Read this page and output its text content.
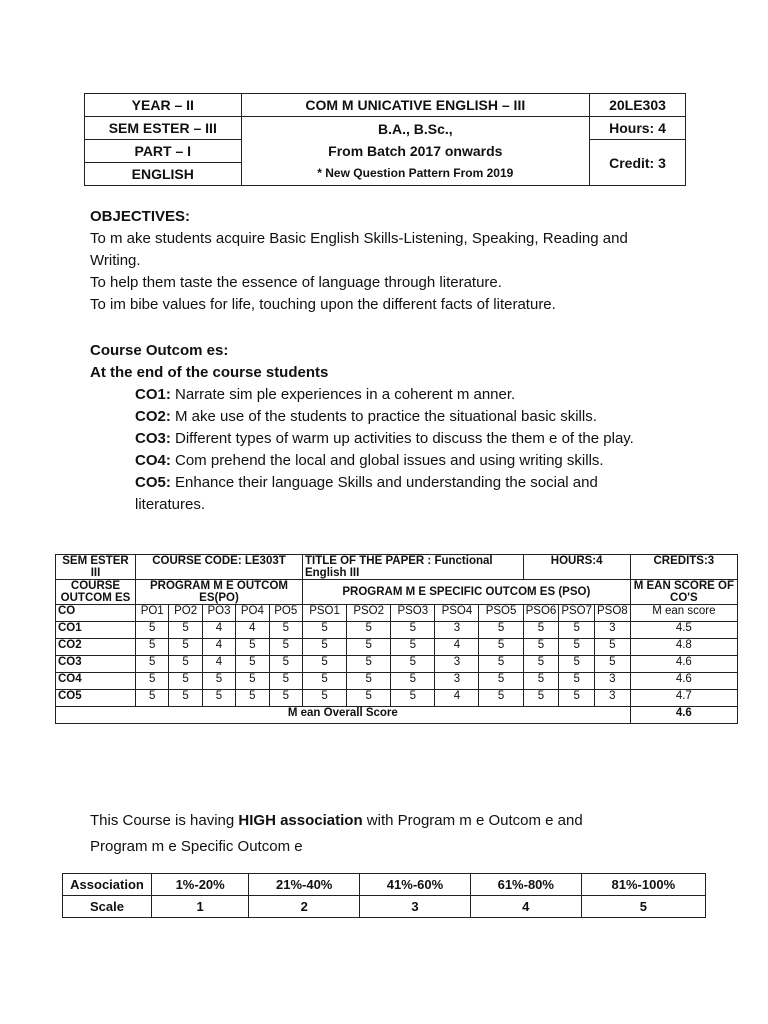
YEAR – II	COM M UNICATIVE ENGLISH – III	20LE303
SEM ESTER – III	B.A., B.Sc.,
From Batch 2017 onwards
* New Question Pattern From 2019	Hours: 4
PART – I		Credit: 3
ENGLISH		
OBJECTIVES:
To m ake students acquire Basic English Skills-Listening, Speaking, Reading and
Writing.
To help them taste the essence of language through literature.
To im bibe values for life, touching upon the different facts of literature.
Course Outcom es:
At the end of the course students
CO1: Narrate sim ple experiences in a coherent m anner.
CO2: M ake use of the students to practice the situational basic skills.
CO3: Different types of warm up activities to discuss the them e of the play.
CO4: Com prehend the local and global issues and using writing skills.
CO5: Enhance their language Skills and understanding the social and literatures.
SEM ESTER III	COURSE CODE: LE303T					TITLE OF THE PAPER : Functional English III					HOURS:4			CREDITS:3
COURSE OUTCOM ES	PROGRAM M E OUTCOM ES(PO)					PROGRAM M E SPECIFIC OUTCOM ES (PSO)								M EAN SCORE OF CO'S
CO	PO1	PO2	PO3	PO4	PO5	PSO1	PSO2	PSO3	PSO4	PSO5	PSO6	PSO7	PSO8	M ean score
CO1	5	5	4	4	5	5	5	5	3	5	5	5	3	4.5
CO2	5	5	4	5	5	5	5	5	4	5	5	5	5	4.8
CO3	5	5	4	5	5	5	5	5	3	5	5	5	5	4.6
CO4	5	5	5	5	5	5	5	5	3	5	5	5	3	4.6
CO5	5	5	5	5	5	5	5	5	4	5	5	5	3	4.7
M ean Overall Score														4.6
This Course is having HIGH association with Program m e Outcom e and
Program m e Specific Outcom e
Association	1%-20%	21%-40%	41%-60%	61%-80%	81%-100%
Scale	1	2	3	4	5
